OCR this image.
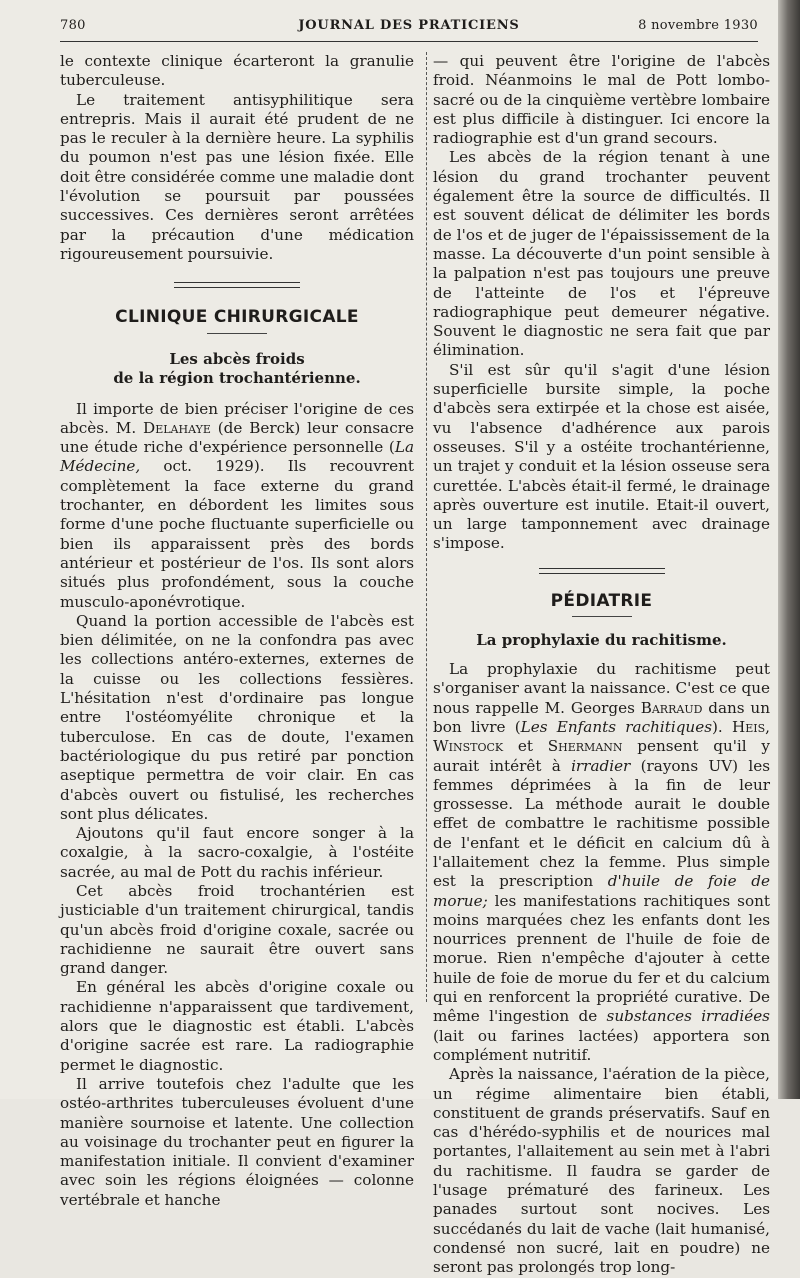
780	JOURNAL DES PRATICIENS	8 novembre 1930

le contexte clinique écarteront la granulie tuberculeuse.

Le traitement antisyphilitique sera entrepris. Mais il aurait été prudent de ne pas le reculer à la dernière heure. La syphilis du poumon n'est pas une lésion fixée. Elle doit être considérée comme une maladie dont l'évolution se poursuit par poussées successives. Ces dernières seront arrêtées par la précaution d'une médication rigoureusement poursuivie.

CLINIQUE CHIRURGICALE
Les abcès froids
de la région trochantérienne.

Il importe de bien préciser l'origine de ces abcès. M. Delahaye (de Berck) leur consacre une étude riche d'expérience personnelle (La Médecine, oct. 1929). Ils recouvrent complètement la face externe du grand trochanter, en débordent les limites sous forme d'une poche fluctuante superficielle ou bien ils apparaissent près des bords antérieur et postérieur de l'os. Ils sont alors situés plus profondément, sous la couche musculo-aponévrotique.

Quand la portion accessible de l'abcès est bien délimitée, on ne la confondra pas avec les collections antéro-externes, externes de la cuisse ou les collections fessières. L'hésitation n'est d'ordinaire pas longue entre l'ostéomyélite chronique et la tuberculose. En cas de doute, l'examen bactériologique du pus retiré par ponction aseptique permettra de voir clair. En cas d'abcès ouvert ou fistulisé, les recherches sont plus délicates.

Ajoutons qu'il faut encore songer à la coxalgie, à la sacro-coxalgie, à l'ostéite sacrée, au mal de Pott du rachis inférieur.

Cet abcès froid trochantérien est justiciable d'un traitement chirurgical, tandis qu'un abcès froid d'origine coxale, sacrée ou rachidienne ne saurait être ouvert sans grand danger.

En général les abcès d'origine coxale ou rachidienne n'apparaissent que tardivement, alors que le diagnostic est établi. L'abcès d'origine sacrée est rare. La radiographie permet le diagnostic.

Il arrive toutefois chez l'adulte que les ostéo-arthrites tuberculeuses évoluent d'une manière sournoise et latente. Une collection au voisinage du trochanter peut en figurer la manifestation initiale. Il convient d'examiner avec soin les régions éloignées — colonne vertébrale et hanche

— qui peuvent être l'origine de l'abcès froid. Néanmoins le mal de Pott lombo-sacré ou de la cinquième vertèbre lombaire est plus difficile à distinguer. Ici encore la radiographie est d'un grand secours.

Les abcès de la région tenant à une lésion du grand trochanter peuvent également être la source de difficultés. Il est souvent délicat de délimiter les bords de l'os et de juger de l'épaississement de la masse. La découverte d'un point sensible à la palpation n'est pas toujours une preuve de l'atteinte de l'os et l'épreuve radiographique peut demeurer négative. Souvent le diagnostic ne sera fait que par élimination.

S'il est sûr qu'il s'agit d'une lésion superficielle bursite simple, la poche d'abcès sera extirpée et la chose est aisée, vu l'absence d'adhérence aux parois osseuses. S'il y a ostéite trochantérienne, un trajet y conduit et la lésion osseuse sera curettée. L'abcès était-il fermé, le drainage après ouverture est inutile. Etait-il ouvert, un large tamponnement avec drainage s'impose.

PÉDIATRIE
La prophylaxie du rachitisme.

La prophylaxie du rachitisme peut s'organiser avant la naissance. C'est ce que nous rappelle M. Georges Barraud dans un bon livre (Les Enfants rachitiques). Heis, Winstock et Shermann pensent qu'il y aurait intérêt à irradier (rayons UV) les femmes déprimées à la fin de leur grossesse. La méthode aurait le double effet de combattre le rachitisme possible de l'enfant et le déficit en calcium dû à l'allaitement chez la femme. Plus simple est la prescription d'huile de foie de morue; les manifestations rachitiques sont moins marquées chez les enfants dont les nourrices prennent de l'huile de foie de morue. Rien n'empêche d'ajouter à cette huile de foie de morue du fer et du calcium qui en renforcent la propriété curative. De même l'ingestion de substances irradiées (lait ou farines lactées) apportera son complément nutritif.

Après la naissance, l'aération de la pièce, un régime alimentaire bien établi, constituent de grands préservatifs. Sauf en cas d'hérédo-syphilis et de nourices mal portantes, l'allaitement au sein met à l'abri du rachitisme. Il faudra se garder de l'usage prématuré des farineux. Les panades surtout sont nocives. Les succédanés du lait de vache (lait humanisé, condensé non sucré, lait en poudre) ne seront pas prolongés trop long-
